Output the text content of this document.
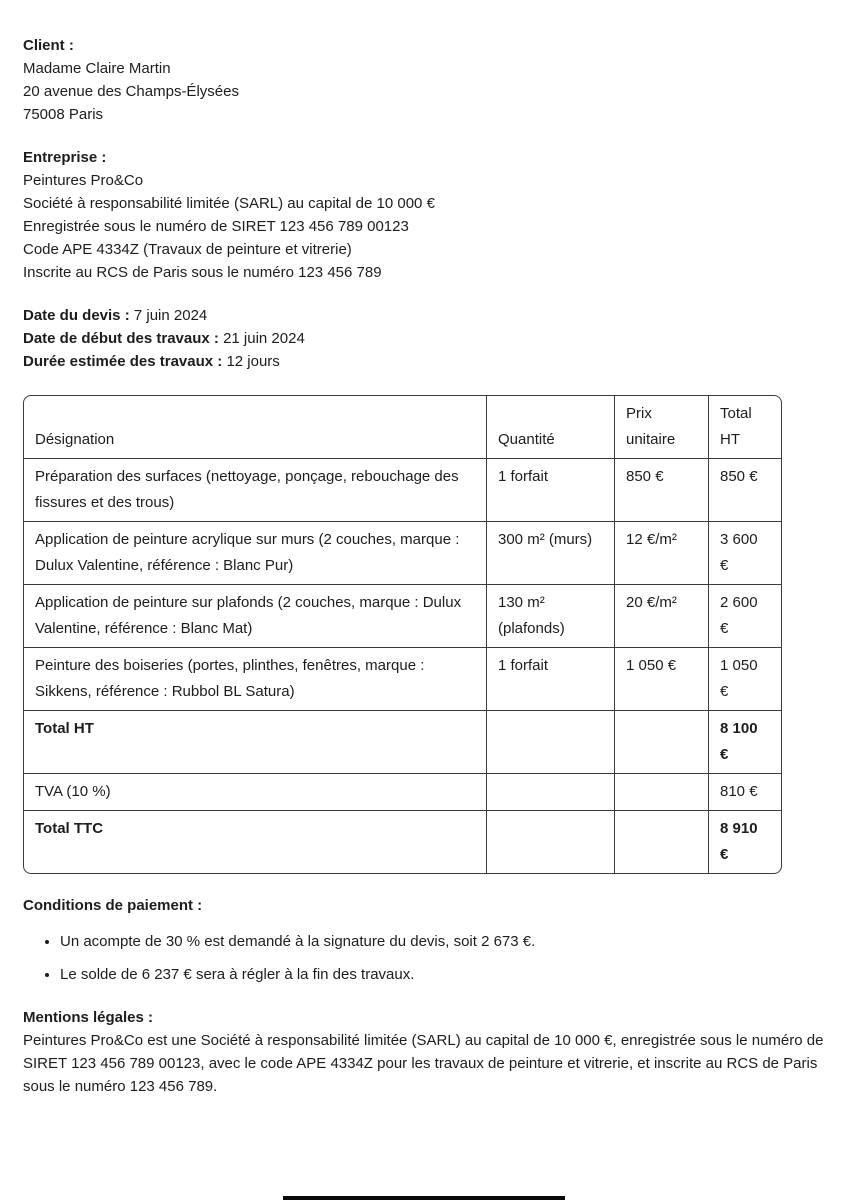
Client :

Madame Claire Martin

20 avenue des Champs-Élysées

75008 Paris

Entreprise :

Peintures Pro&Co

Société à responsabilité limitée (SARL) au capital de 10 000 €

Enregistrée sous le numéro de SIRET 123 456 789 00123

Code APE 4334Z (Travaux de peinture et vitrerie)

Inscrite au RCS de Paris sous le numéro 123 456 789

Date du devis : 7 juin 2024

Date de début des travaux : 21 juin 2024

Durée estimée des travaux : 12 jours

Désignation	Quantité	Prix unitaire	Total HT
Préparation des surfaces (nettoyage, ponçage, rebouchage des fissures et des trous)	1 forfait	850 €	850 €
Application de peinture acrylique sur murs (2 couches, marque : Dulux Valentine, référence : Blanc Pur)	300 m² (murs)	12 €/m²	3 600 €
Application de peinture sur plafonds (2 couches, marque : Dulux Valentine, référence : Blanc Mat)	130 m² (plafonds)	20 €/m²	2 600 €
Peinture des boiseries (portes, plinthes, fenêtres, marque : Sikkens, référence : Rubbol BL Satura)	1 forfait	1 050 €	1 050 €
Total HT			8 100 €
TVA (10 %)			810 €
Total TTC			8 910 €

Conditions de paiement :

• Un acompte de 30 % est demandé à la signature du devis, soit 2 673 €.
• Le solde de 6 237 € sera à régler à la fin des travaux.

Mentions légales :

Peintures Pro&Co est une Société à responsabilité limitée (SARL) au capital de 10 000 €, enregistrée sous le numéro de SIRET 123 456 789 00123, avec le code APE 4334Z pour les travaux de peinture et vitrerie, et inscrite au RCS de Paris sous le numéro 123 456 789.
